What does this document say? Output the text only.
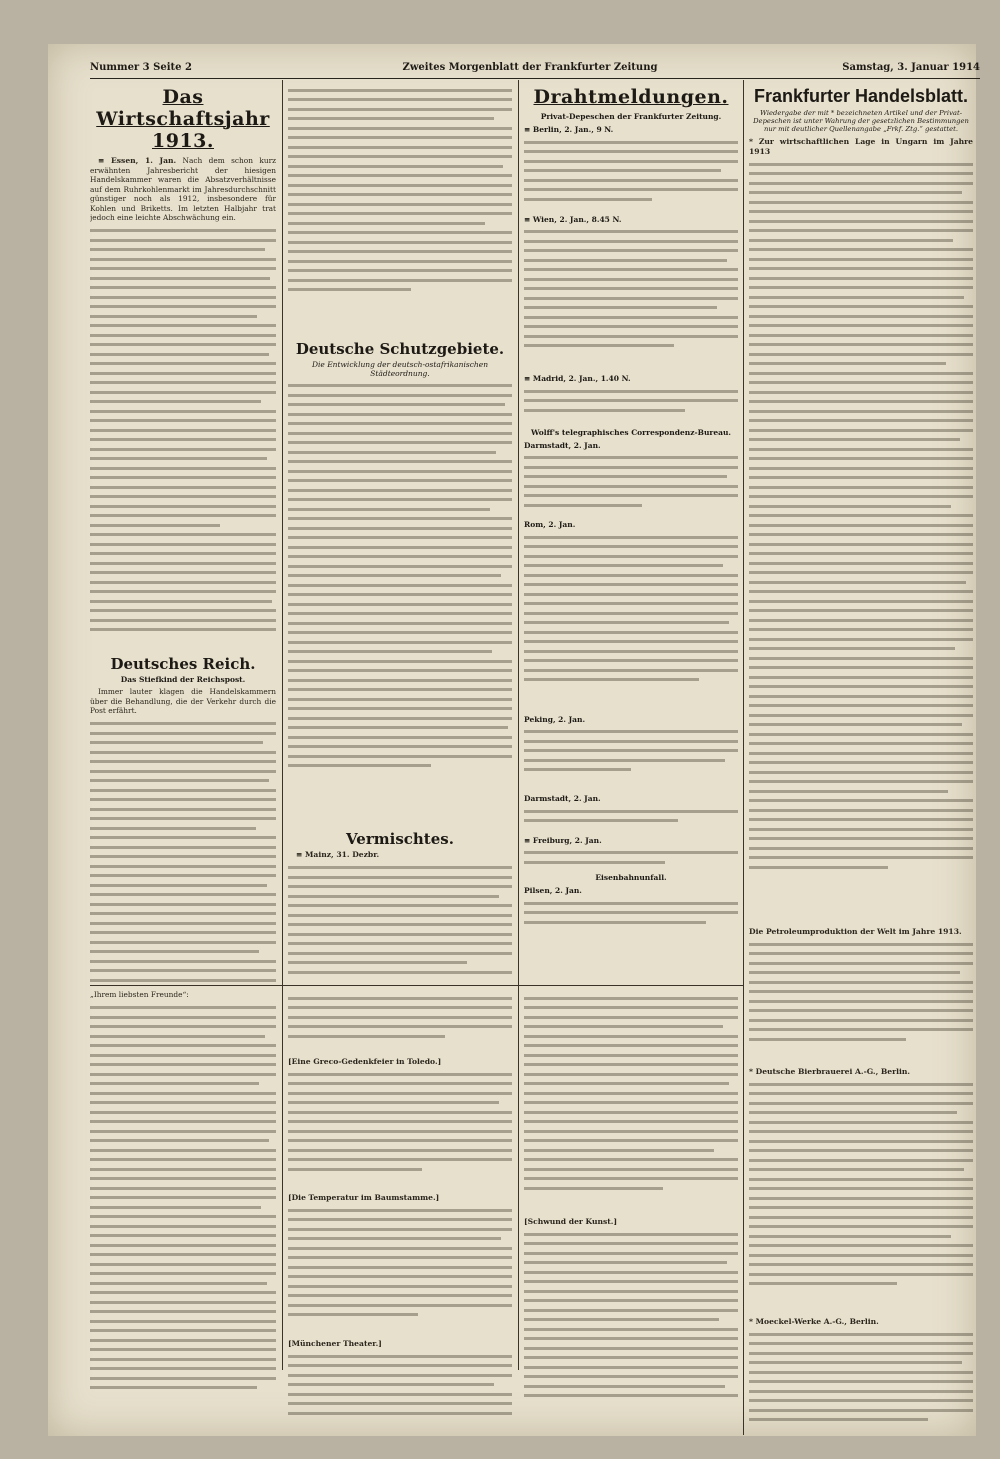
Nummer 3 Seite 2	Zweites Morgenblatt der Frankfurter Zeitung	Samstag, 3. Januar 1914
Das Wirtschaftsjahr 1913.

≡ Essen, 1. Jan. Nach dem schon kurz erwähnten Jahresbericht der hiesigen Handelskammer waren die Absatzverhältnisse auf dem Ruhrkohlenmarkt im Jahresdurchschnitt günstiger noch als 1912, insbesondere für Kohlen und Briketts. Im letzten Halbjahr trat jedoch eine leichte Abschwächung ein.

Deutsches Reich.
Das Stiefkind der Reichspost.

Immer lauter klagen die Handelskammern über die Behandlung, die der Verkehr durch die Post erfährt.

Deutsche Schutzgebiete.
Die Entwicklung der deutsch-ostafrikanischen Städteordnung.
Vermischtes.

≡ Mainz, 31. Dezbr.

Drahtmeldungen.
Privat-Depeschen der Frankfurter Zeitung.
≡ Berlin, 2. Jan., 9 N.
≡ Wien, 2. Jan., 8.45 N.
≡ Madrid, 2. Jan., 1.40 N.
Wolff's telegraphisches Correspondenz-Bureau.
Darmstadt, 2. Jan.
Rom, 2. Jan.
Peking, 2. Jan.
Darmstadt, 2. Jan.
≡ Freiburg, 2. Jan.
Eisenbahnunfall.
Pilsen, 2. Jan.
Frankfurter Handelsblatt.
Wiedergabe der mit * bezeichneten Artikel und der Privat-Depeschen ist unter Wahrung der gesetzlichen Bestimmungen nur mit deutlicher Quellenangabe „Frkf. Ztg.“ gestattet.

* Zur wirtschaftlichen Lage in Ungarn im Jahre 1913

Die Petroleumproduktion der Welt im Jahre 1913.

* Deutsche Bierbrauerei A.-G., Berlin.

* Moeckel-Werke A.-G., Berlin.

„Ihrem liebsten Freunde“:

[Eine Greco-Gedenkfeier in Toledo.]

[Die Temperatur im Baumstamme.]

[Münchener Theater.]

[Schwund der Kunst.]
